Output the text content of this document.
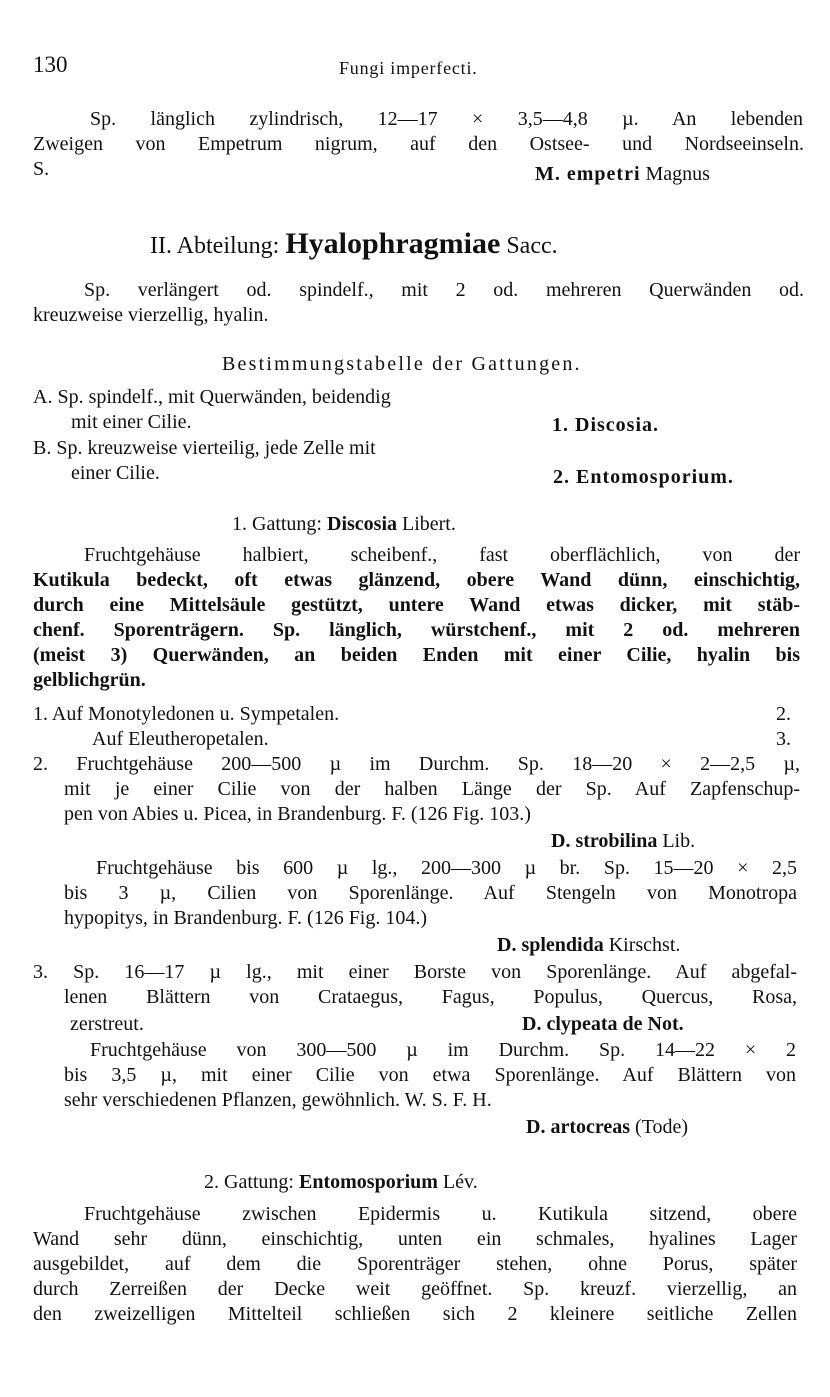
130	Fungi imperfecti.
Sp. länglich zylindrisch, 12—17 × 3,5—4,8 µ. An lebenden
Zweigen von Empetrum nigrum, auf den Ostsee- und Nordseeinseln.
S.	M. empetri Magnus
II. Abteilung: Hyalophragmiae Sacc.
Sp. verlängert od. spindelf., mit 2 od. mehreren Querwänden od.
kreuzweise vierzellig, hyalin.
Bestimmungstabelle der Gattungen.
A. Sp. spindelf., mit Querwänden, beidendig
mit einer Cilie.	1. Discosia.
B. Sp. kreuzweise vierteilig, jede Zelle mit
einer Cilie.	2. Entomosporium.
1. Gattung: Discosia Libert.
Fruchtgehäuse halbiert, scheibenf., fast oberflächlich, von der
Kutikula bedeckt, oft etwas glänzend, obere Wand dünn, einschichtig,
durch eine Mittelsäule gestützt, untere Wand etwas dicker, mit stäb-
chenf. Sporenträgern. Sp. länglich, würstchenf., mit 2 od. mehreren
(meist 3) Querwänden, an beiden Enden mit einer Cilie, hyalin bis
gelblichgrün.
1. Auf Monotyledonen u. Sympetalen.	2.
Auf Eleutheropetalen.	3.
2. Fruchtgehäuse 200—500 µ im Durchm. Sp. 18—20 × 2—2,5 µ,
mit je einer Cilie von der halben Länge der Sp. Auf Zapfenschup-
pen von Abies u. Picea, in Brandenburg. F. (126 Fig. 103.)
D. strobilina Lib.
Fruchtgehäuse bis 600 µ lg., 200—300 µ br. Sp. 15—20 × 2,5
bis 3 µ, Cilien von Sporenlänge. Auf Stengeln von Monotropa
hypopitys, in Brandenburg. F. (126 Fig. 104.)
D. splendida Kirschst.
3. Sp. 16—17 µ lg., mit einer Borste von Sporenlänge. Auf abgefal-
lenen Blättern von Crataegus, Fagus, Populus, Quercus, Rosa,
zerstreut.	D. clypeata de Not.
Fruchtgehäuse von 300—500 µ im Durchm. Sp. 14—22 × 2
bis 3,5 µ, mit einer Cilie von etwa Sporenlänge. Auf Blättern von
sehr verschiedenen Pflanzen, gewöhnlich. W. S. F. H.
D. artocreas (Tode)
2. Gattung: Entomosporium Lév.
Fruchtgehäuse zwischen Epidermis u. Kutikula sitzend, obere
Wand sehr dünn, einschichtig, unten ein schmales, hyalines Lager
ausgebildet, auf dem die Sporenträger stehen, ohne Porus, später
durch Zerreißen der Decke weit geöffnet. Sp. kreuzf. vierzellig, an
den zweizelligen Mittelteil schließen sich 2 kleinere seitliche Zellen
